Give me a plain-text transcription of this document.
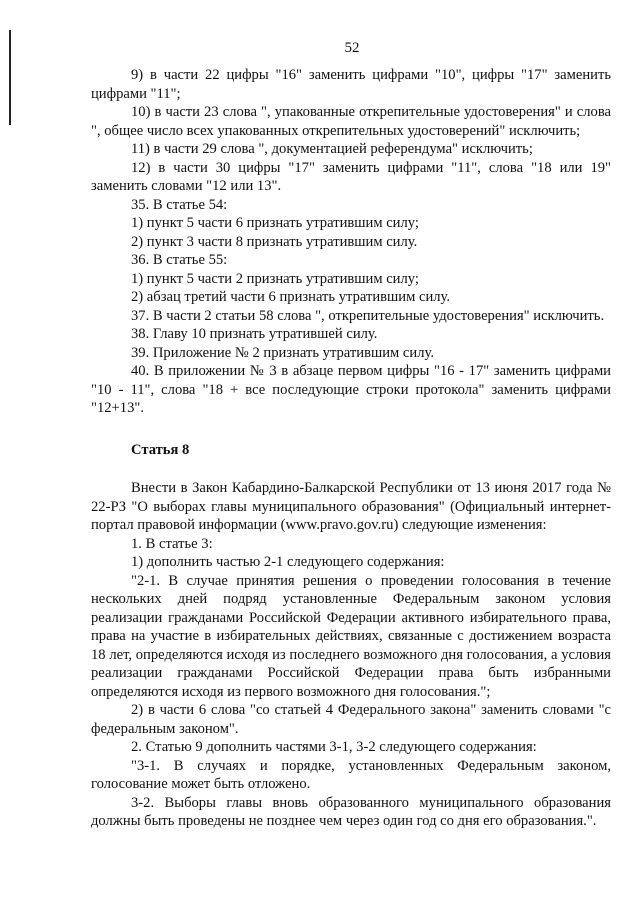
52

9) в части 22 цифры "16" заменить цифрами "10", цифры "17" заменить цифрами "11";

10) в части 23 слова ", упакованные открепительные удостоверения" и слова ", общее число всех упакованных открепительных удостоверений" исключить;

11) в части 29 слова ", документацией референдума" исключить;

12) в части 30 цифры "17" заменить цифрами "11", слова "18 или 19" заменить словами "12 или 13".

35. В статье 54:

1) пункт 5 части 6 признать утратившим силу;

2) пункт 3 части 8 признать утратившим силу.

36. В статье 55:

1) пункт 5 части 2 признать утратившим силу;

2) абзац третий части 6 признать утратившим силу.

37. В части 2 статьи 58 слова ", открепительные удостоверения" исключить.

38. Главу 10 признать утратившей силу.

39. Приложение № 2 признать утратившим силу.

40. В приложении № 3 в абзаце первом цифры "16 - 17" заменить цифрами "10 - 11", слова "18 + все последующие строки протокола" заменить цифрами "12+13".

Статья 8

Внести в Закон Кабардино-Балкарской Республики от 13 июня 2017 года № 22-РЗ "О выборах главы муниципального образования" (Официальный интернет-портал правовой информации (www.pravo.gov.ru) следующие изменения:

1. В статье 3:

1) дополнить частью 2-1 следующего содержания:

"2-1. В случае принятия решения о проведении голосования в течение нескольких дней подряд установленные Федеральным законом условия реализации гражданами Российской Федерации активного избирательного права, права на участие в избирательных действиях, связанные с достижением возраста 18 лет, определяются исходя из последнего возможного дня голосования, а условия реализации гражданами Российской Федерации права быть избранными определяются исходя из первого возможного дня голосования.";

2) в части 6 слова "со статьей 4 Федерального закона" заменить словами "с федеральным законом".

2. Статью 9 дополнить частями 3-1, 3-2 следующего содержания:

"3-1. В случаях и порядке, установленных Федеральным законом, голосование может быть отложено.

3-2. Выборы главы вновь образованного муниципального образования должны быть проведены не позднее чем через один год со дня его образования.".
